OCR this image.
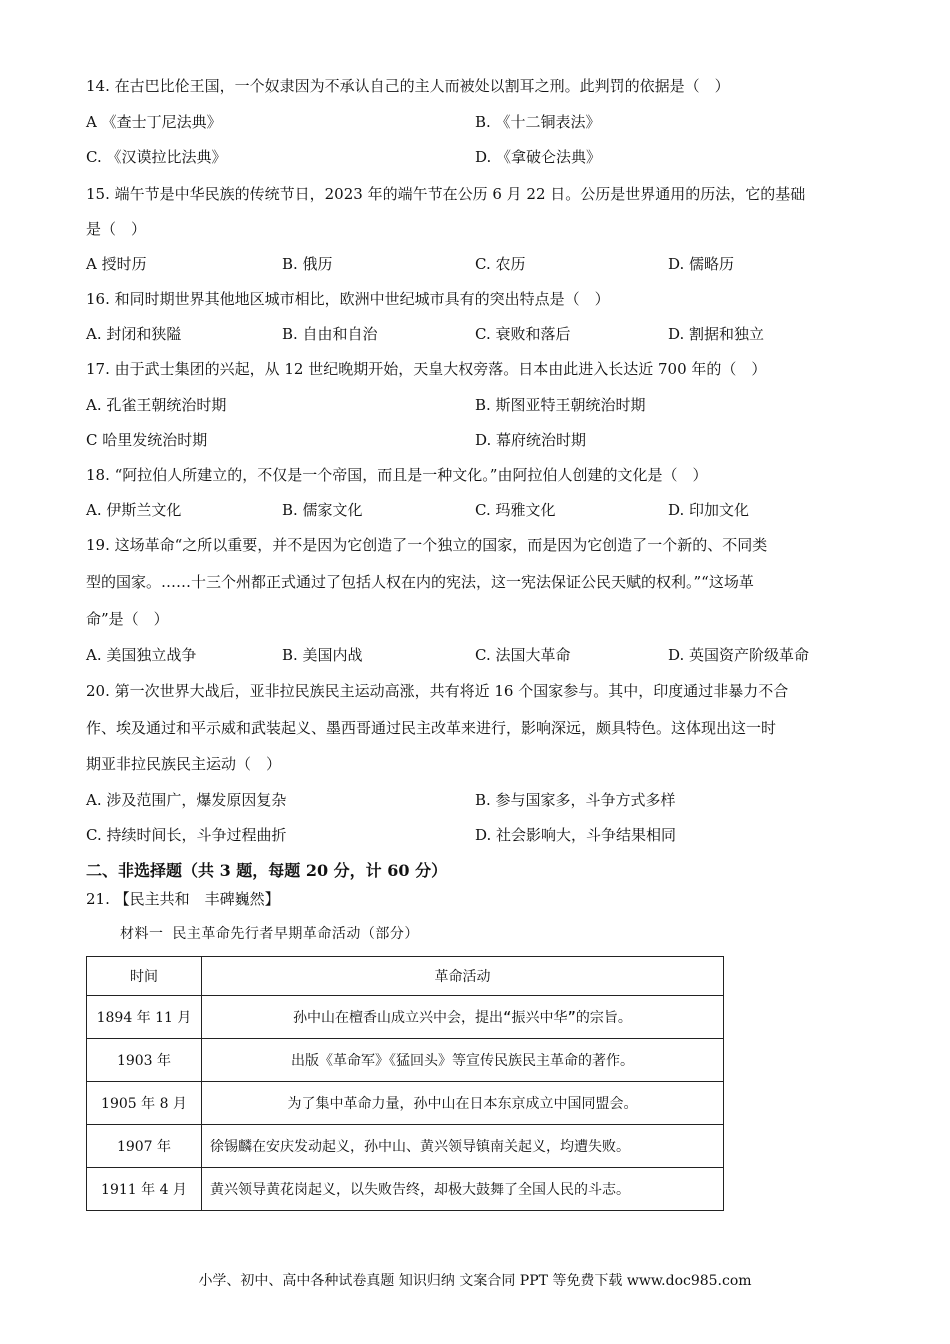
14. 在古巴比伦王国，一个奴隶因为不承认自己的主人而被处以割耳之刑。此判罚的依据是（　）
A 《查士丁尼法典》	B. 《十二铜表法》
C. 《汉谟拉比法典》	D. 《拿破仑法典》
15. 端午节是中华民族的传统节日，2023 年的端午节在公历 6 月 22 日。公历是世界通用的历法，它的基础
是（　）
A 授时历	B. 俄历	C. 农历	D. 儒略历
16. 和同时期世界其他地区城市相比，欧洲中世纪城市具有的突出特点是（　）
A. 封闭和狭隘	B. 自由和自治	C. 衰败和落后	D. 割据和独立
17. 由于武士集团的兴起，从 12 世纪晚期开始，天皇大权旁落。日本由此进入长达近 700 年的（　）
A. 孔雀王朝统治时期	B. 斯图亚特王朝统治时期
C 哈里发统治时期	D. 幕府统治时期
18. “阿拉伯人所建立的，不仅是一个帝国，而且是一种文化。”由阿拉伯人创建的文化是（　）
A. 伊斯兰文化	B. 儒家文化	C. 玛雅文化	D. 印加文化
19. 这场革命“之所以重要，并不是因为它创造了一个独立的国家，而是因为它创造了一个新的、不同类
型的国家。……十三个州都正式通过了包括人权在内的宪法，这一宪法保证公民天赋的权利。”“这场革
命”是（　）
A. 美国独立战争	B. 美国内战	C. 法国大革命	D. 英国资产阶级革命
20. 第一次世界大战后，亚非拉民族民主运动高涨，共有将近 16 个国家参与。其中，印度通过非暴力不合
作、埃及通过和平示威和武装起义、墨西哥通过民主改革来进行，影响深远，颇具特色。这体现出这一时
期亚非拉民族民主运动（　）
A. 涉及范围广，爆发原因复杂	B. 参与国家多，斗争方式多样
C. 持续时间长，斗争过程曲折	D. 社会影响大，斗争结果相同
二、非选择题（共 3 题，每题 20 分，计 60 分）
21. 【民主共和　丰碑巍然】
材料一 民主革命先行者早期革命活动（部分）
时间	革命活动
1894 年 11 月	孙中山在檀香山成立兴中会，提出“振兴中华”的宗旨。
1903 年	出版《革命军》《猛回头》等宣传民族民主革命的著作。
1905 年 8 月	为了集中革命力量，孙中山在日本东京成立中国同盟会。
1907 年	徐锡麟在安庆发动起义，孙中山、黄兴领导镇南关起义，均遭失败。
1911 年 4 月	黄兴领导黄花岗起义，以失败告终，却极大鼓舞了全国人民的斗志。
小学、初中、高中各种试卷真题 知识归纳 文案合同 PPT 等免费下载 www.doc985.com
